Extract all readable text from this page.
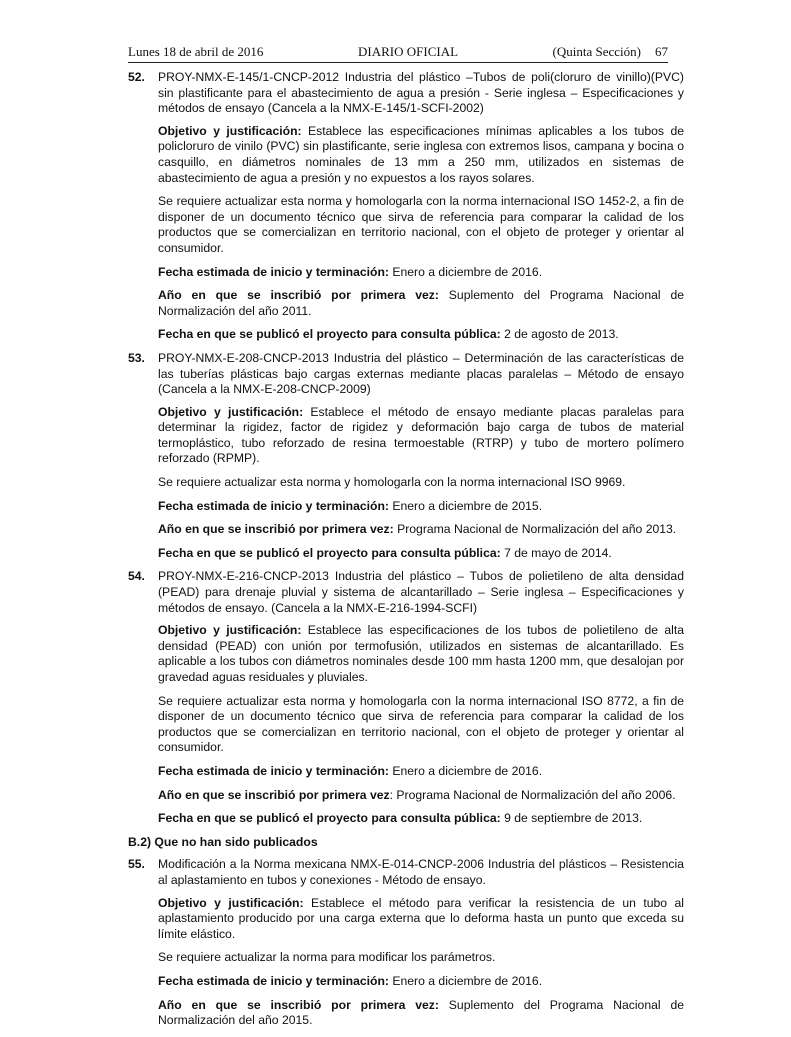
Lunes 18 de abril de 2016	DIARIO OFICIAL	(Quinta Sección) 67
52. PROY-NMX-E-145/1-CNCP-2012 Industria del plástico –Tubos de poli(cloruro de vinillo)(PVC) sin plastificante para el abastecimiento de agua a presión - Serie inglesa – Especificaciones y métodos de ensayo (Cancela a la NMX-E-145/1-SCFI-2002)

Objetivo y justificación: Establece las especificaciones mínimas aplicables a los tubos de policloruro de vinilo (PVC) sin plastificante, serie inglesa con extremos lisos, campana y bocina o casquillo, en diámetros nominales de 13 mm a 250 mm, utilizados en sistemas de abastecimiento de agua a presión y no expuestos a los rayos solares.

Se requiere actualizar esta norma y homologarla con la norma internacional ISO 1452-2, a fin de disponer de un documento técnico que sirva de referencia para comparar la calidad de los productos que se comercializan en territorio nacional, con el objeto de proteger y orientar al consumidor.

Fecha estimada de inicio y terminación: Enero a diciembre de 2016.

Año en que se inscribió por primera vez: Suplemento del Programa Nacional de Normalización del año 2011.

Fecha en que se publicó el proyecto para consulta pública: 2 de agosto de 2013.

53. PROY-NMX-E-208-CNCP-2013 Industria del plástico – Determinación de las características de las tuberías plásticas bajo cargas externas mediante placas paralelas – Método de ensayo (Cancela a la NMX-E-208-CNCP-2009)

Objetivo y justificación: Establece el método de ensayo mediante placas paralelas para determinar la rigidez, factor de rigidez y deformación bajo carga de tubos de material termoplástico, tubo reforzado de resina termoestable (RTRP) y tubo de mortero polímero reforzado (RPMP).

Se requiere actualizar esta norma y homologarla con la norma internacional ISO 9969.

Fecha estimada de inicio y terminación: Enero a diciembre de 2015.

Año en que se inscribió por primera vez: Programa Nacional de Normalización del año 2013.

Fecha en que se publicó el proyecto para consulta pública: 7 de mayo de 2014.

54. PROY-NMX-E-216-CNCP-2013 Industria del plástico – Tubos de polietileno de alta densidad (PEAD) para drenaje pluvial y sistema de alcantarillado – Serie inglesa – Especificaciones y métodos de ensayo. (Cancela a la NMX-E-216-1994-SCFI)

Objetivo y justificación: Establece las especificaciones de los tubos de polietileno de alta densidad (PEAD) con unión por termofusión, utilizados en sistemas de alcantarillado. Es aplicable a los tubos con diámetros nominales desde 100 mm hasta 1200 mm, que desalojan por gravedad aguas residuales y pluviales.

Se requiere actualizar esta norma y homologarla con la norma internacional ISO 8772, a fin de disponer de un documento técnico que sirva de referencia para comparar la calidad de los productos que se comercializan en territorio nacional, con el objeto de proteger y orientar al consumidor.

Fecha estimada de inicio y terminación: Enero a diciembre de 2016.

Año en que se inscribió por primera vez: Programa Nacional de Normalización del año 2006.

Fecha en que se publicó el proyecto para consulta pública: 9 de septiembre de 2013.

B.2) Que no han sido publicados

55. Modificación a la Norma mexicana NMX-E-014-CNCP-2006 Industria del plásticos – Resistencia al aplastamiento en tubos y conexiones - Método de ensayo.

Objetivo y justificación: Establece el método para verificar la resistencia de un tubo al aplastamiento producido por una carga externa que lo deforma hasta un punto que exceda su límite elástico.

Se requiere actualizar la norma para modificar los parámetros.

Fecha estimada de inicio y terminación: Enero a diciembre de 2016.

Año en que se inscribió por primera vez: Suplemento del Programa Nacional de Normalización del año 2015.
